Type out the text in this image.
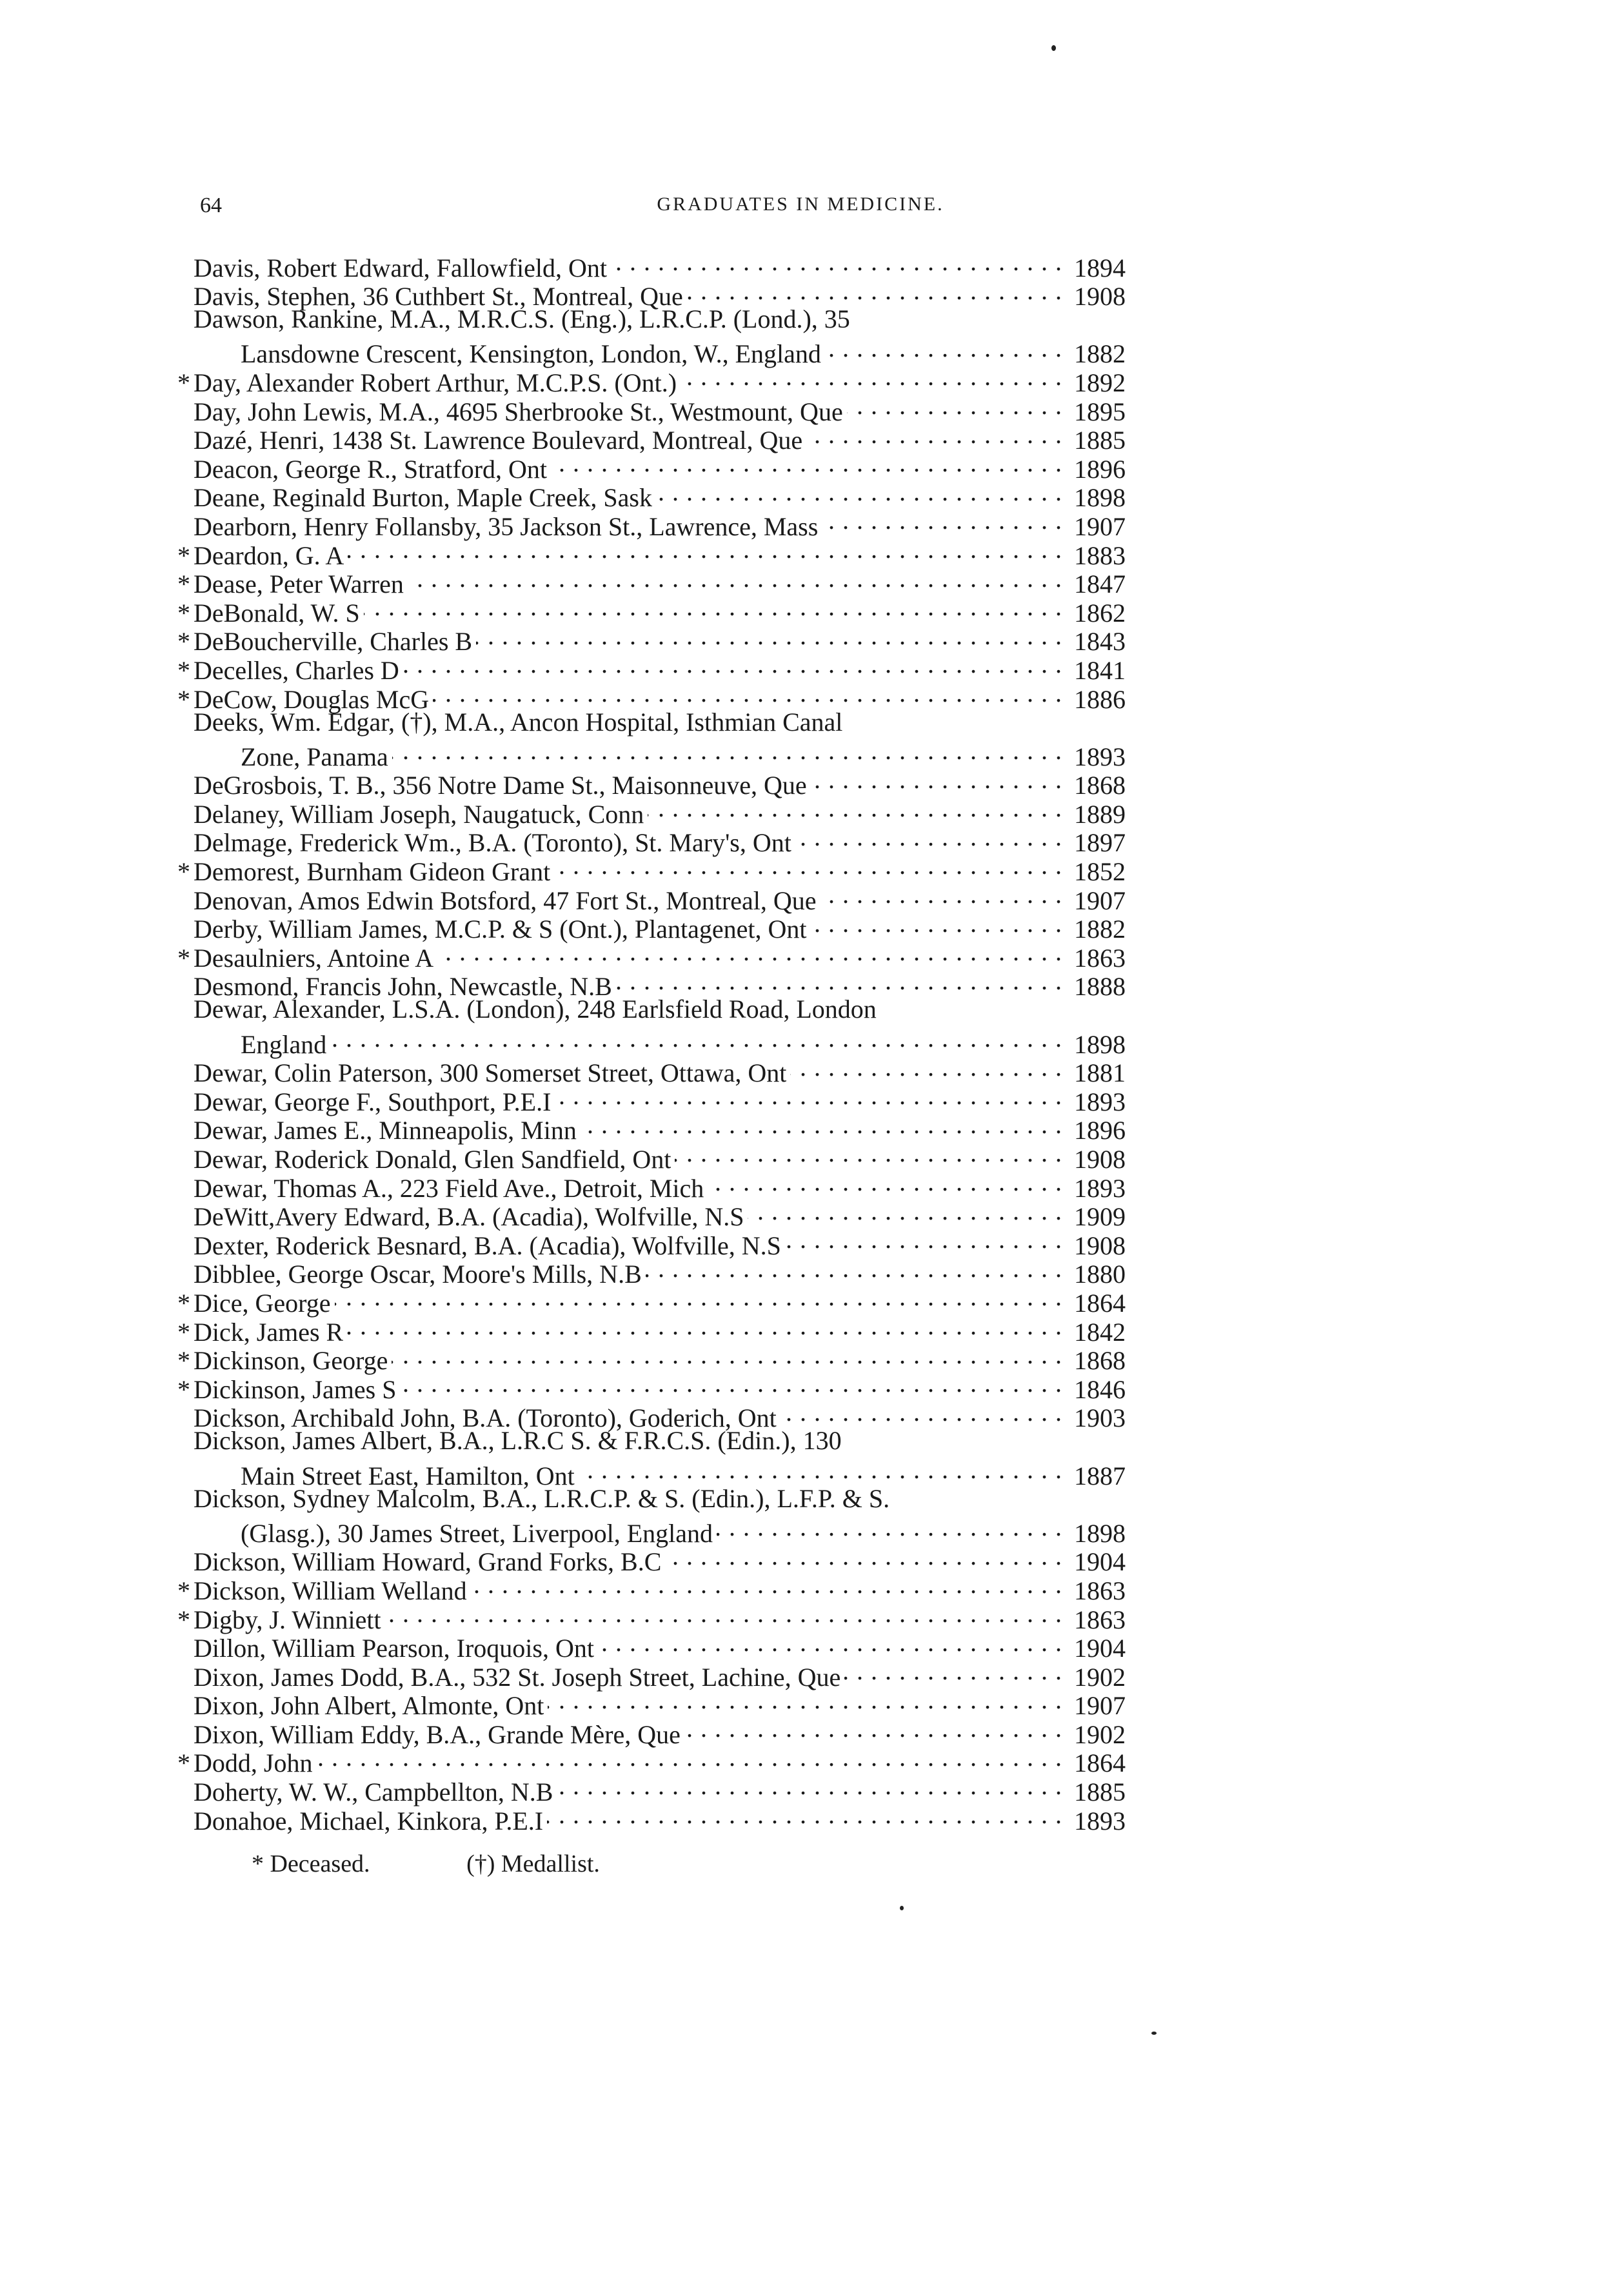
64	GRADUATES IN MEDICINE.
Davis, Robert Edward, Fallowfield, Ont . . .	1894
Davis, Stephen, 36 Cuthbert St., Montreal, Que . . .	1908
Dawson, Rankine, M.A., M.R.C.S. (Eng.), L.R.C.P. (Lond.), 35
Lansdowne Crescent, Kensington, London, W., England . . .	1882
* Day, Alexander Robert Arthur, M.C.P.S. (Ont.) . . .	1892
Day, John Lewis, M.A., 4695 Sherbrooke St., Westmount, Que . . .	1895
Dazé, Henri, 1438 St. Lawrence Boulevard, Montreal, Que . . .	1885
Deacon, George R., Stratford, Ont . . .	1896
Deane, Reginald Burton, Maple Creek, Sask . . .	1898
Dearborn, Henry Follansby, 35 Jackson St., Lawrence, Mass . . .	1907
* Deardon, G. A . . .	1883
* Dease, Peter Warren . . .	1847
* DeBonald, W. S . . .	1862
* DeBoucherville, Charles B . . .	1843
* Decelles, Charles D . . .	1841
* DeCow, Douglas McG . . .	1886
Deeks, Wm. Edgar, (†), M.A., Ancon Hospital, Isthmian Canal
Zone, Panama . . .	1893
DeGrosbois, T. B., 356 Notre Dame St., Maisonneuve, Que . . .	1868
Delaney, William Joseph, Naugatuck, Conn . . .	1889
Delmage, Frederick Wm., B.A. (Toronto), St. Mary's, Ont . . .	1897
* Demorest, Burnham Gideon Grant . . .	1852
Denovan, Amos Edwin Botsford, 47 Fort St., Montreal, Que . . .	1907
Derby, William James, M.C.P. & S (Ont.), Plantagenet, Ont . . .	1882
* Desaulniers, Antoine A . . .	1863
Desmond, Francis John, Newcastle, N.B . . .	1888
Dewar, Alexander, L.S.A. (London), 248 Earlsfield Road, London
England . . .	1898
Dewar, Colin Paterson, 300 Somerset Street, Ottawa, Ont . . .	1881
Dewar, George F., Southport, P.E.I . . .	1893
Dewar, James E., Minneapolis, Minn . . .	1896
Dewar, Roderick Donald, Glen Sandfield, Ont . . .	1908
Dewar, Thomas A., 223 Field Ave., Detroit, Mich . . .	1893
DeWitt,Avery Edward, B.A. (Acadia), Wolfville, N.S . . .	1909
Dexter, Roderick Besnard, B.A. (Acadia), Wolfville, N.S . . .	1908
Dibblee, George Oscar, Moore's Mills, N.B . . .	1880
* Dice, George . . .	1864
* Dick, James R . . .	1842
* Dickinson, George . . .	1868
* Dickinson, James S . . .	1846
Dickson, Archibald John, B.A. (Toronto), Goderich, Ont . . .	1903
Dickson, James Albert, B.A., L.R.C S. & F.R.C.S. (Edin.), 130
Main Street East, Hamilton, Ont . . .	1887
Dickson, Sydney Malcolm, B.A., L.R.C.P. & S. (Edin.), L.F.P. & S.
(Glasg.), 30 James Street, Liverpool, England . . .	1898
Dickson, William Howard, Grand Forks, B.C . . .	1904
* Dickson, William Welland . . .	1863
* Digby, J. Winniett . . .	1863
Dillon, William Pearson, Iroquois, Ont . . .	1904
Dixon, James Dodd, B.A., 532 St. Joseph Street, Lachine, Que . . .	1902
Dixon, John Albert, Almonte, Ont . . .	1907
Dixon, William Eddy, B.A., Grande Mère, Que . . .	1902
* Dodd, John . . .	1864
Doherty, W. W., Campbellton, N.B . . .	1885
Donahoe, Michael, Kinkora, P.E.I . . .	1893
* Deceased.	(†) Medallist.
